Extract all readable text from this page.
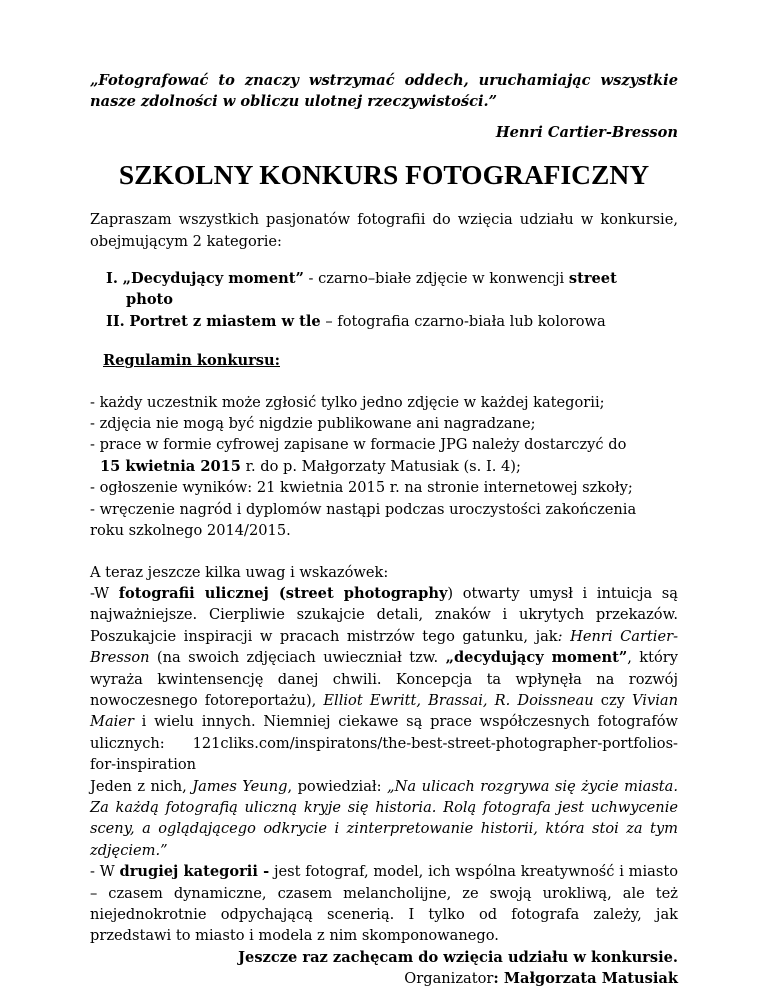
„Fotografować to znaczy wstrzymać oddech, uruchamiając wszystkie nasze zdolności w obliczu ulotnej rzeczywistości.”

Henri Cartier-Bresson

SZKOLNY KONKURS FOTOGRAFICZNY

Zapraszam wszystkich pasjonatów fotografii do wzięcia udziału w konkursie, obejmującym 2 kategorie:

I. „Decydujący moment” - czarno–białe zdjęcie w konwencji street
photo

II. Portret z miastem w tle – fotografia czarno-biała lub kolorowa

Regulamin konkursu:

- każdy uczestnik może zgłosić tylko jedno zdjęcie w każdej kategorii;

- zdjęcia nie mogą być nigdzie publikowane ani nagradzane;

- prace w formie cyfrowej zapisane w formacie JPG należy dostarczyć do
15 kwietnia 2015 r. do p. Małgorzaty Matusiak (s. I. 4);

- ogłoszenie wyników: 21 kwietnia 2015 r. na stronie internetowej szkoły;

- wręczenie nagród i dyplomów nastąpi podczas uroczystości zakończenia
roku szkolnego 2014/2015.

A teraz jeszcze kilka uwag i wskazówek:

-W fotografii ulicznej (street photography) otwarty umysł i intuicja są najważniejsze. Cierpliwie szukajcie detali, znaków i ukrytych przekazów. Poszukajcie inspiracji w pracach mistrzów tego gatunku, jak: Henri Cartier-Bresson (na swoich zdjęciach uwieczniał tzw. „decydujący moment”, który wyraża kwintensencję danej chwili. Koncepcja ta wpłynęła na rozwój nowoczesnego fotoreportażu), Elliot Ewritt, Brassai, R. Doissneau czy Vivian Maier i wielu innych. Niemniej ciekawe są prace współczesnych fotografów ulicznych: 121cliks.com/inspiratons/the-best-street-photographer-portfolios-for-inspiration

Jeden z nich, James Yeung, powiedział: „Na ulicach rozgrywa się życie miasta. Za każdą fotografią uliczną kryje się historia. Rolą fotografa jest uchwycenie sceny, a oglądającego odkrycie i zinterpretowanie historii, która stoi za tym zdjęciem.”

- W drugiej kategorii - jest fotograf, model, ich wspólna kreatywność i miasto – czasem dynamiczne, czasem melancholijne, ze swoją urokliwą, ale też niejednokrotnie odpychającą scenerią. I tylko od fotografa zależy, jak przedstawi to miasto i modela z nim skomponowanego.

Jeszcze raz zachęcam do wzięcia udziału w konkursie.

Organizator: Małgorzata Matusiak
